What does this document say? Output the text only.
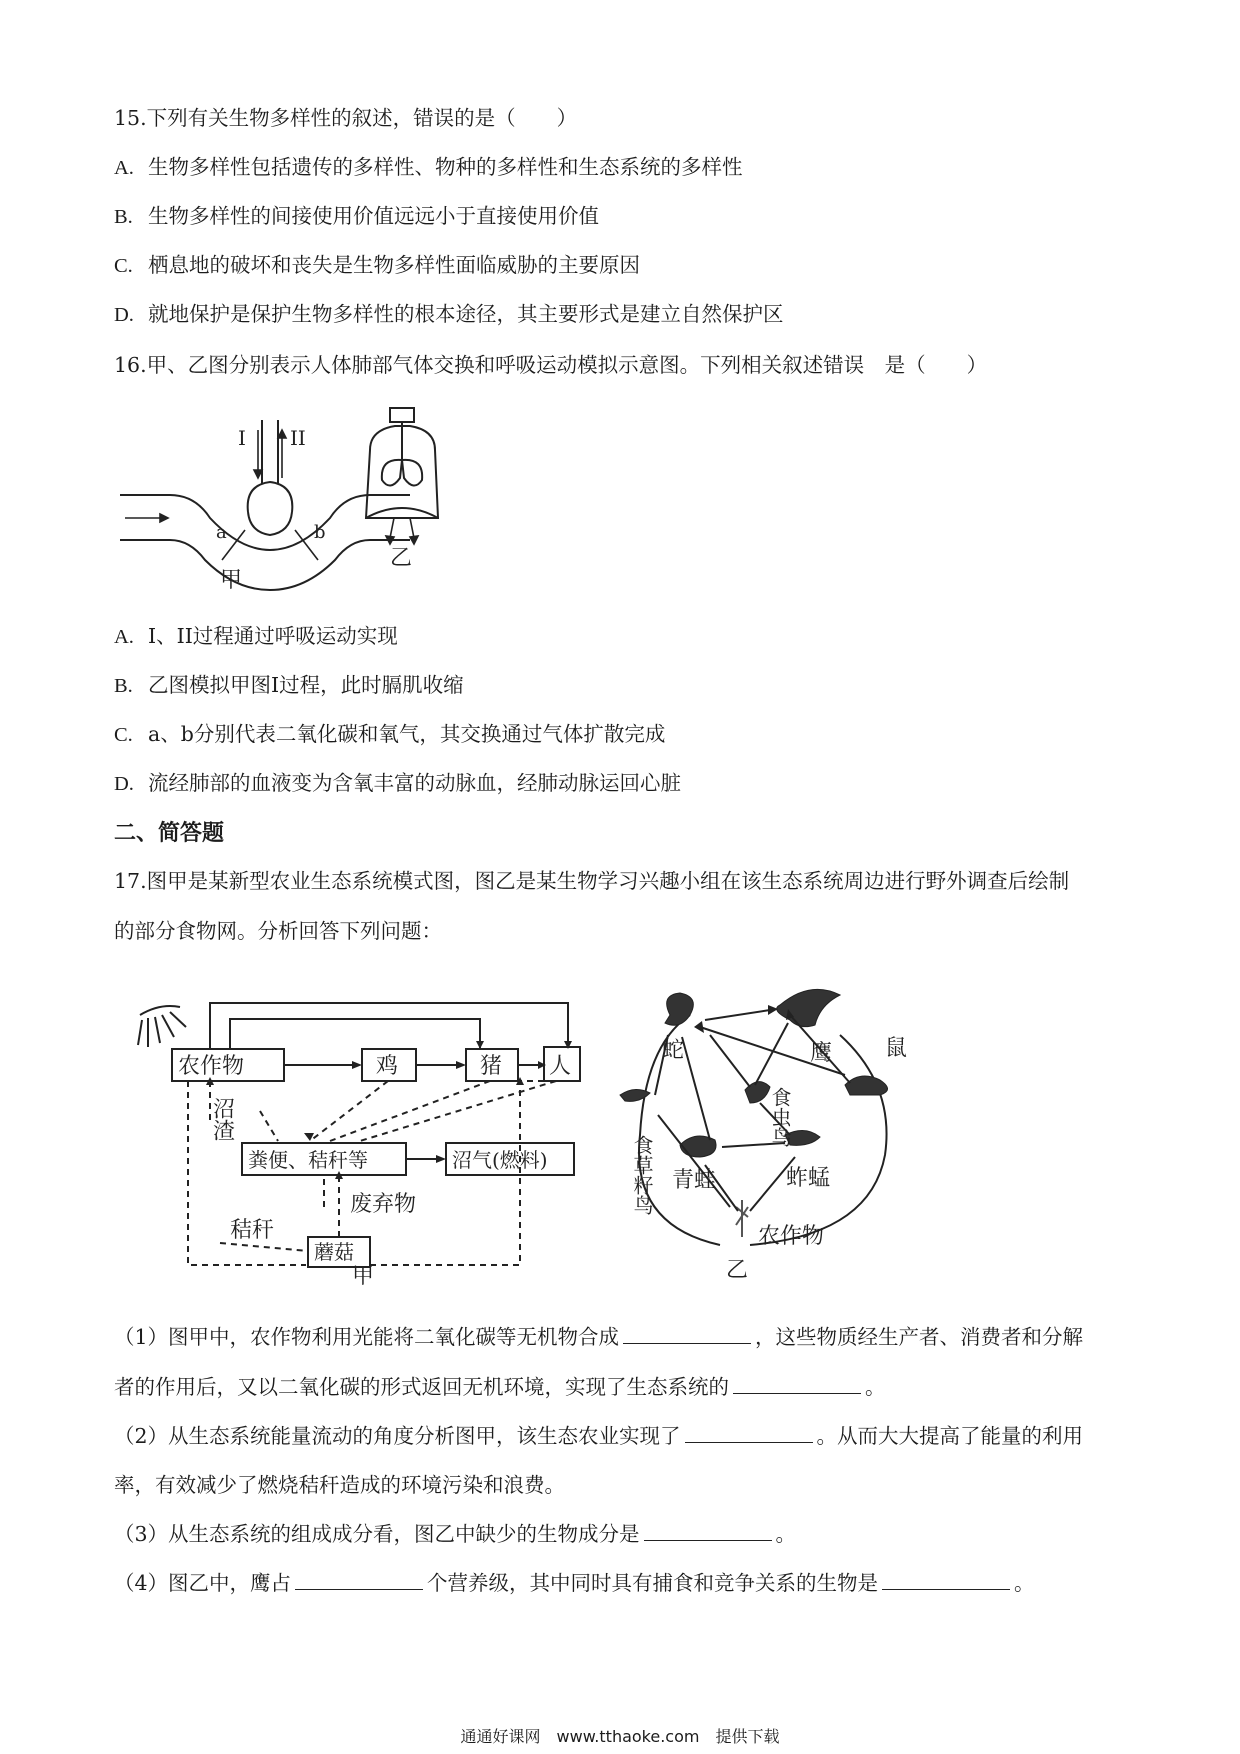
15.下列有关生物多样性的叙述，错误的是（　　）
A. 生物多样性包括遗传的多样性、物种的多样性和生态系统的多样性
B. 生物多样性的间接使用价值远远小于直接使用价值
C. 栖息地的破坏和丧失是生物多样性面临威胁的主要原因
D. 就地保护是保护生物多样性的根本途径，其主要形式是建立自然保护区
16.甲、乙图分别表示人体肺部气体交换和呼吸运动模拟示意图。下列相关叙述错误　是（　　）
I II
a	b
甲
乙
A. I、II过程通过呼吸运动实现
B. 乙图模拟甲图I过程，此时膈肌收缩
C. a、b分别代表二氧化碳和氧气，其交换通过气体扩散完成
D. 流经肺部的血液变为含氧丰富的动脉血，经肺动脉运回心脏
二、简答题
17.图甲是某新型农业生态系统模式图，图乙是某生物学习兴趣小组在该生态系统周边进行野外调查后绘制
的部分食物网。分析回答下列问题：
农作物	鸡	猪 人
粪便、秸秆等	沼气(燃料)
废弃物
秸秆
蘑菇
沼渣
甲
蛇	鹰 鼠
食草籽鸟
食虫鸟
青蛙	蚱蜢
农作物
乙
（1）图甲中，农作物利用光能将二氧化碳等无机物合成	，这些物质经生产者、消费者和分解
者的作用后，又以二氧化碳的形式返回无机环境，实现了生态系统的	。
（2）从生态系统能量流动的角度分析图甲，该生态农业实现了	。从而大大提高了能量的利用
率，有效减少了燃烧秸秆造成的环境污染和浪费。
（3）从生态系统的组成成分看，图乙中缺少的生物成分是	。
（4）图乙中，鹰占	个营养级，其中同时具有捕食和竞争关系的生物是	。
通通好课网　www.tthaoke.com　提供下载
